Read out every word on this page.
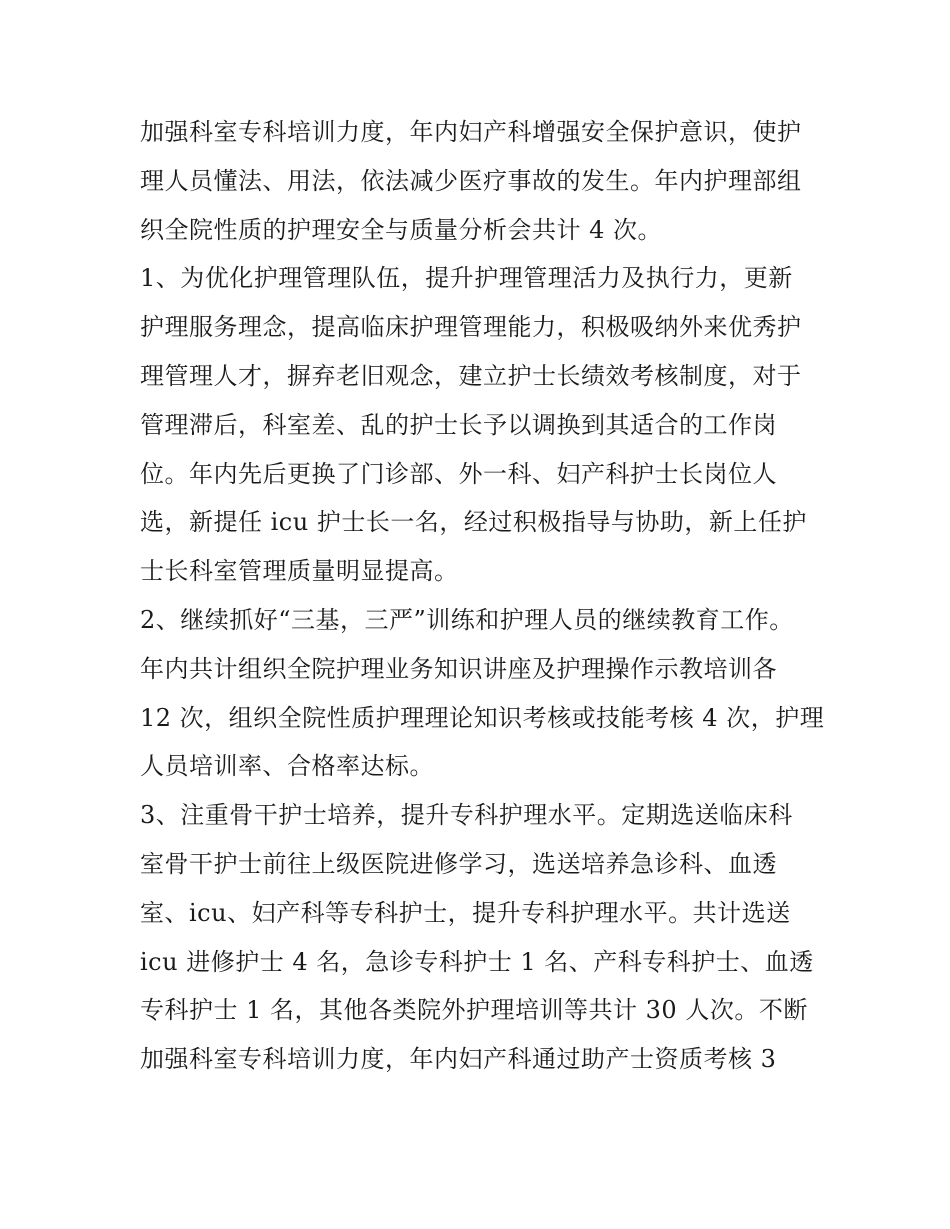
加强科室专科培训力度，年内妇产科增强安全保护意识，使护
理人员懂法、用法，依法减少医疗事故的发生。年内护理部组
织全院性质的护理安全与质量分析会共计 4 次。
1、为优化护理管理队伍，提升护理管理活力及执行力，更新
护理服务理念，提高临床护理管理能力，积极吸纳外来优秀护
理管理人才，摒弃老旧观念，建立护士长绩效考核制度，对于
管理滞后，科室差、乱的护士长予以调换到其适合的工作岗
位。年内先后更换了门诊部、外一科、妇产科护士长岗位人
选，新提任 icu 护士长一名，经过积极指导与协助，新上任护
士长科室管理质量明显提高。
2、继续抓好“三基，三严”训练和护理人员的继续教育工作。
年内共计组织全院护理业务知识讲座及护理操作示教培训各
12 次，组织全院性质护理理论知识考核或技能考核 4 次，护理
人员培训率、合格率达标。
3、注重骨干护士培养，提升专科护理水平。定期选送临床科
室骨干护士前往上级医院进修学习，选送培养急诊科、血透
室、icu、妇产科等专科护士，提升专科护理水平。共计选送
icu 进修护士 4 名，急诊专科护士 1 名、产科专科护士、血透
专科护士 1 名，其他各类院外护理培训等共计 30 人次。不断
加强科室专科培训力度，年内妇产科通过助产士资质考核 3
